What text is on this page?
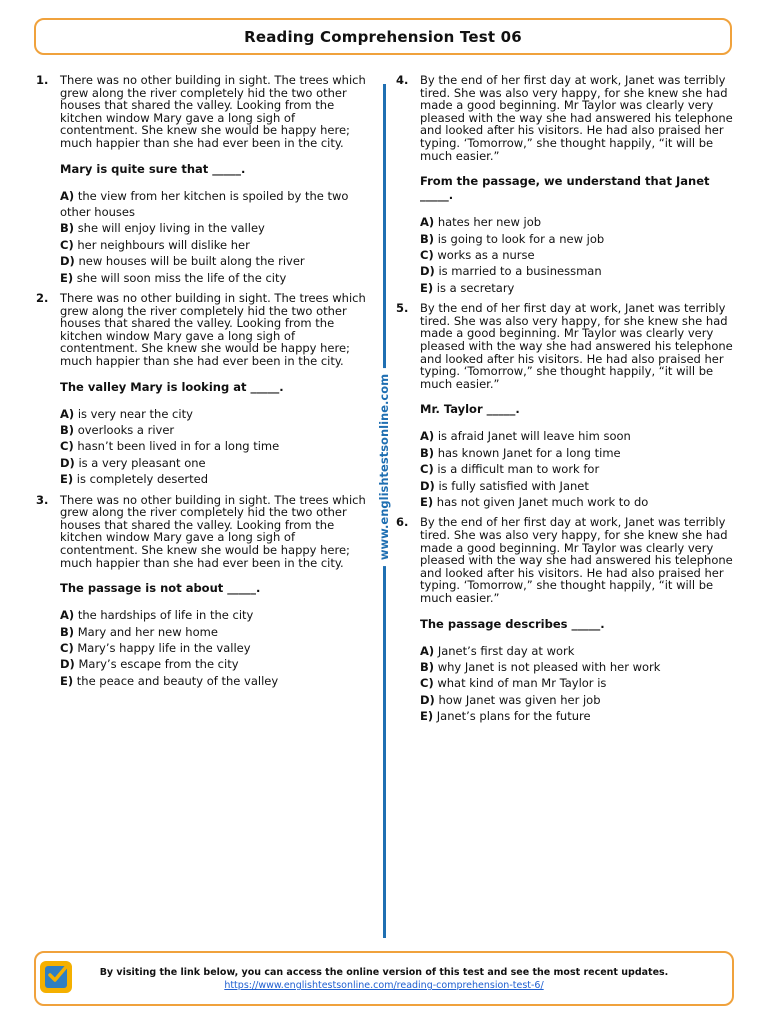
Reading Comprehension Test 06
www.englishtestsonline.com
1. There was no other building in sight. The trees which grew along the river completely hid the two other houses that shared the valley. Looking from the kitchen window Mary gave a long sigh of contentment. She knew she would be happy here; much happier than she had ever been in the city.

Mary is quite sure that _____.

A) the view from her kitchen is spoiled by the two other houses
B) she will enjoy living in the valley
C) her neighbours will dislike her
D) new houses will be built along the river
E) she will soon miss the life of the city
2. There was no other building in sight. The trees which grew along the river completely hid the two other houses that shared the valley. Looking from the kitchen window Mary gave a long sigh of contentment. She knew she would be happy here; much happier than she had ever been in the city.

The valley Mary is looking at _____.

A) is very near the city
B) overlooks a river
C) hasn’t been lived in for a long time
D) is a very pleasant one
E) is completely deserted
3. There was no other building in sight. The trees which grew along the river completely hid the two other houses that shared the valley. Looking from the kitchen window Mary gave a long sigh of contentment. She knew she would be happy here; much happier than she had ever been in the city.

The passage is not about _____.

A) the hardships of life in the city
B) Mary and her new home
C) Mary’s happy life in the valley
D) Mary’s escape from the city
E) the peace and beauty of the valley
4. By the end of her first day at work, Janet was terribly tired. She was also very happy, for she knew she had made a good beginning. Mr Taylor was clearly very pleased with the way she had answered his telephone and looked after his visitors. He had also praised her typing. ‘Tomorrow,” she thought happily, “it will be much easier.”

From the passage, we understand that Janet _____.

A) hates her new job
B) is going to look for a new job
C) works as a nurse
D) is married to a businessman
E) is a secretary
5. By the end of her first day at work, Janet was terribly tired. She was also very happy, for she knew she had made a good beginning. Mr Taylor was clearly very pleased with the way she had answered his telephone and looked after his visitors. He had also praised her typing. ‘Tomorrow,” she thought happily, “it will be much easier.”

Mr. Taylor _____.

A) is afraid Janet will leave him soon
B) has known Janet for a long time
C) is a difficult man to work for
D) is fully satisfied with Janet
E) has not given Janet much work to do
6. By the end of her first day at work, Janet was terribly tired. She was also very happy, for she knew she had made a good beginning. Mr Taylor was clearly very pleased with the way she had answered his telephone and looked after his visitors. He had also praised her typing. ‘Tomorrow,” she thought happily, “it will be much easier.”

The passage describes _____.

A) Janet’s first day at work
B) why Janet is not pleased with her work
C) what kind of man Mr Taylor is
D) how Janet was given her job
E) Janet’s plans for the future
By visiting the link below, you can access the online version of this test and see the most recent updates.
https://www.englishtestsonline.com/reading-comprehension-test-6/
